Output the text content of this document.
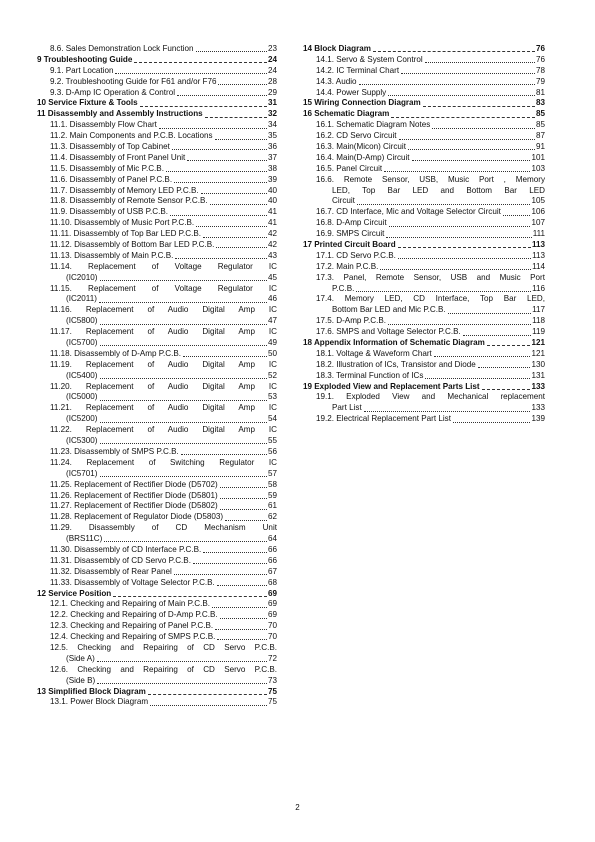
8.6. Sales Demonstration Lock Function	23
9 Troubleshooting Guide	24
9.1. Part Location	24
9.2. Troubleshooting Guide for F61 and/or F76	28
9.3. D-Amp IC Operation & Control	29
10 Service Fixture & Tools	31
11 Disassembly and Assembly Instructions	32
11.1. Disassembly Flow Chart	34
11.2. Main Components and P.C.B. Locations	35
11.3. Disassembly of Top Cabinet	36
11.4. Disassembly of Front Panel Unit	37
11.5. Disassembly of Mic P.C.B.	38
11.6. Disassembly of Panel P.C.B.	39
11.7. Disassembly of Memory LED P.C.B.	40
11.8. Disassembly of Remote Sensor P.C.B.	40
11.9. Disassembly of USB P.C.B.	41
11.10. Disassembly of Music Port P.C.B.	41
11.11. Disassembly of Top Bar LED P.C.B.	42
11.12. Disassembly of Bottom Bar LED P.C.B.	42
11.13. Disassembly of Main P.C.B.	43
11.14. Replacement of Voltage Regulator IC
(IC2010)	45
11.15. Replacement of Voltage Regulator IC
(IC2011)	46
11.16. Replacement of Audio Digital Amp IC
(IC5800)	47
11.17. Replacement of Audio Digital Amp IC
(IC5700)	49
11.18. Disassembly of D-Amp P.C.B.	50
11.19. Replacement of Audio Digital Amp IC
(IC5400)	52
11.20. Replacement of Audio Digital Amp IC
(IC5000)	53
11.21. Replacement of Audio Digital Amp IC
(IC5200)	54
11.22. Replacement of Audio Digital Amp IC
(IC5300)	55
11.23. Disassembly of SMPS P.C.B.	56
11.24. Replacement of Switching Regulator IC
(IC5701)	57
11.25. Replacement of Rectifier Diode (D5702)	58
11.26. Replacement of Rectifier Diode (D5801)	59
11.27. Replacement of Rectifier Diode (D5802)	61
11.28. Replacement of Regulator Diode (D5803)	62
11.29. Disassembly of CD Mechanism Unit
(BRS11C)	64
11.30. Disassembly of CD Interface P.C.B.	66
11.31. Disassembly of CD Servo P.C.B.	66
11.32. Disassembly of Rear Panel	67
11.33. Disassembly of Voltage Selector P.C.B.	68
12 Service Position	69
12.1. Checking and Repairing of Main P.C.B.	69
12.2. Checking and Repairing of D-Amp P.C.B.	69
12.3. Checking and Repairing of Panel P.C.B.	70
12.4. Checking and Repairing of SMPS P.C.B.	70
12.5. Checking and Repairing of CD Servo P.C.B.
(Side A)	72
12.6. Checking and Repairing of CD Servo P.C.B.
(Side B)	73
13 Simplified Block Diagram	75
13.1. Power Block Diagram	75
14 Block Diagram	76
14.1. Servo & System Control	76
14.2. IC Terminal Chart	78
14.3. Audio	79
14.4. Power Supply	81
15 Wiring Connection Diagram	83
16 Schematic Diagram	85
16.1. Schematic Diagram Notes	85
16.2. CD Servo Circuit	87
16.3. Main(Micon) Circuit	91
16.4. Main(D-Amp) Circuit	101
16.5. Panel Circuit	103
16.6. Remote Sensor, USB, Music Port , Memory
LED, Top Bar LED and Bottom Bar LED
Circuit	105
16.7. CD Interface, Mic and Voltage Selector Circuit	106
16.8. D-Amp Circuit	107
16.9. SMPS Circuit	111
17 Printed Circuit Board	113
17.1. CD Servo P.C.B.	113
17.2. Main P.C.B.	114
17.3. Panel, Remote Sensor, USB and Music Port
P.C.B.	116
17.4. Memory LED, CD Interface, Top Bar LED,
Bottom Bar LED and Mic P.C.B.	117
17.5. D-Amp P.C.B.	118
17.6. SMPS and Voltage Selector P.C.B.	119
18 Appendix Information of Schematic Diagram	121
18.1. Voltage & Waveform Chart	121
18.2. Illustration of ICs, Transistor and Diode	130
18.3. Terminal Function of ICs	131
19 Exploded View and Replacement Parts List	133
19.1. Exploded View and Mechanical replacement
Part List	133
19.2. Electrical Replacement Part List	139
2
